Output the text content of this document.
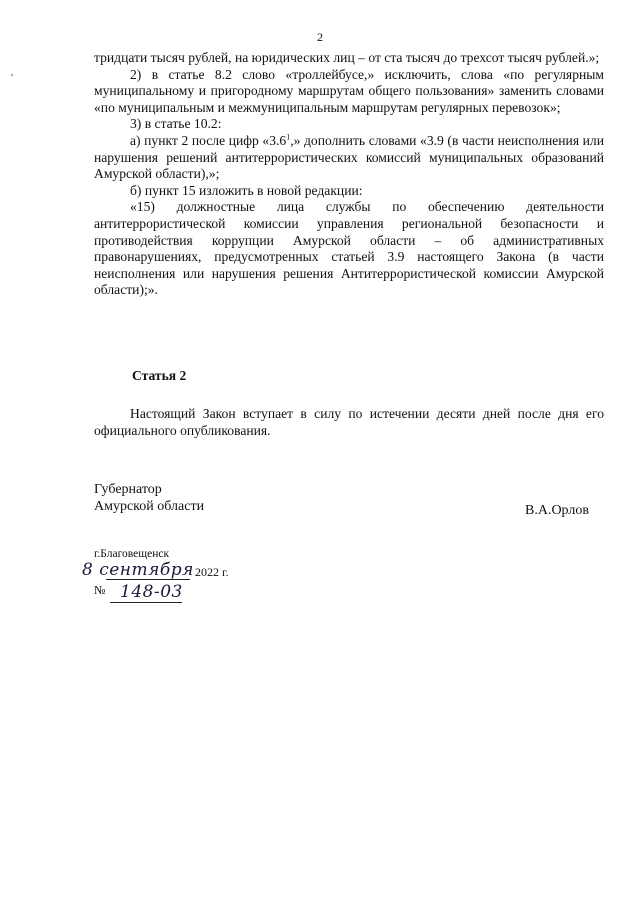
2
'

тридцати тысяч рублей, на юридических лиц – от ста тысяч до трехсот тысяч рублей.»;

2) в статье 8.2 слово «троллейбусе,» исключить, слова «по регулярным муниципальному и пригородному маршрутам общего пользования» заменить словами «по муниципальным и межмуниципальным маршрутам регулярных перевозок»;

3) в статье 10.2:

а) пункт 2 после цифр «$3.6^1$,» дополнить словами «3.9 (в части неисполнения или нарушения решений антитеррористических комиссий муниципальных образований Амурской области),»;

б) пункт 15 изложить в новой редакции:

«15) должностные лица службы по обеспечению деятельности антитеррористической комиссии управления региональной безопасности и противодействия коррупции Амурской области – об административных правонарушениях, предусмотренных статьей 3.9 настоящего Закона (в части неисполнения или нарушения решения Антитеррористической комиссии Амурской области);».

Статья 2

Настоящий Закон вступает в силу по истечении десяти дней после дня его официального опубликования.

Губернатор
Амурской области	В.А.Орлов
г.Благовещенск
8 сентября 2022 г.
№ 148-03
